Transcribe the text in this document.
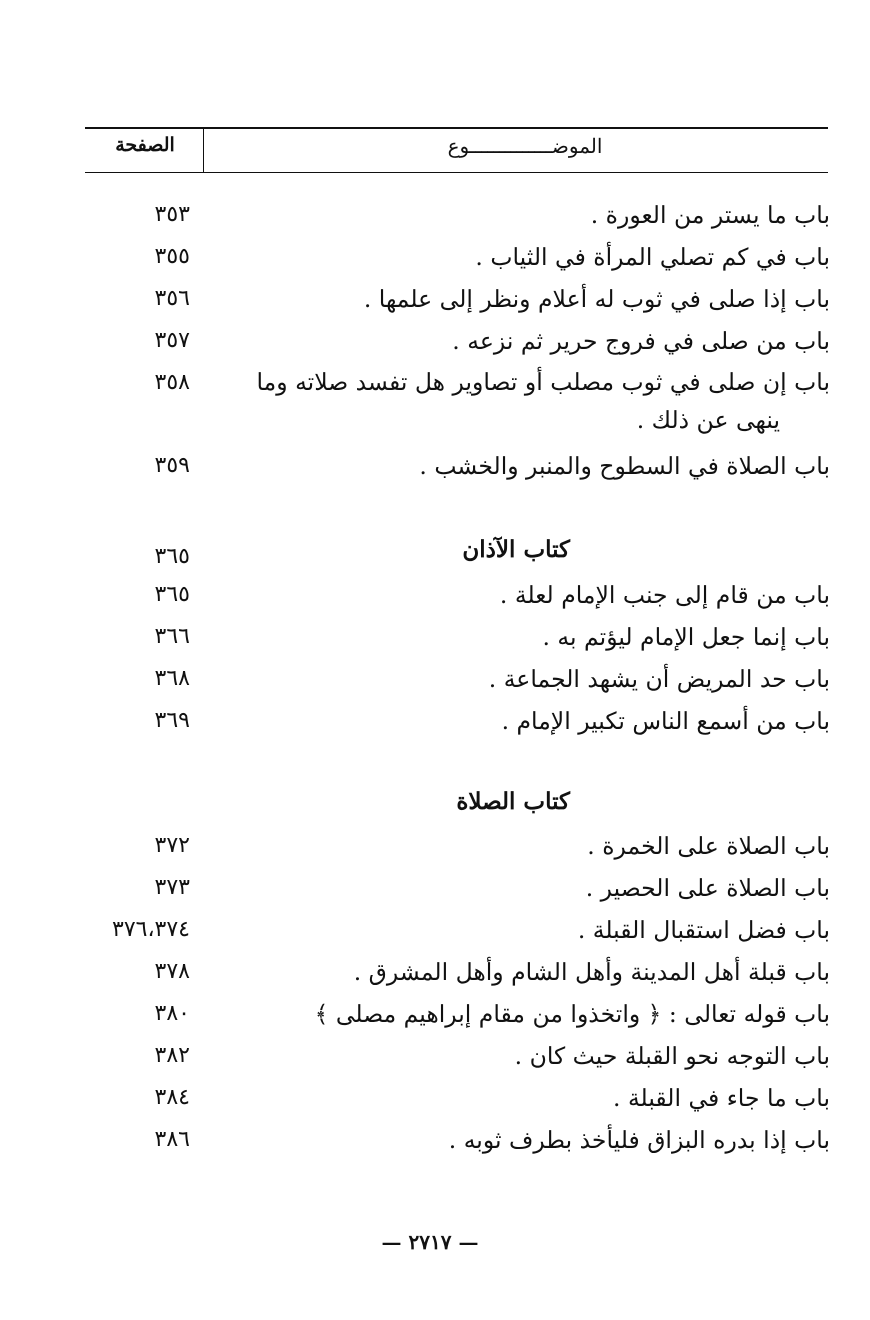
الصفحة	الموضــــــــــــــوع
باب ما يستر من العورة .
٣٥٣
باب في كم تصلي المرأة في الثياب .
٣٥٥
باب إذا صلى في ثوب له أعلام ونظر إلى علمها .
٣٥٦
باب من صلى في فروج حرير ثم نزعه .
٣٥٧
باب إن صلى في ثوب مصلب أو تصاوير هل تفسد صلاته وما
ينهى عن ذلك .
٣٥٨
باب الصلاة في السطوح والمنبر والخشب .
٣٥٩
كتاب الآذان
٣٦٥
باب من قام إلى جنب الإمام لعلة .
٣٦٥
باب إنما جعل الإمام ليؤتم به .
٣٦٦
باب حد المريض أن يشهد الجماعة .
٣٦٨
باب من أسمع الناس تكبير الإمام .
٣٦٩
كتاب الصلاة
باب الصلاة على الخمرة .
٣٧٢
باب الصلاة على الحصير .
٣٧٣
باب فضل استقبال القبلة .
٣٧٦،٣٧٤
باب قبلة أهل المدينة وأهل الشام وأهل المشرق .
٣٧٨
باب قوله تعالى : ﴿ واتخذوا من مقام إبراهيم مصلى ﴾
٣٨٠
باب التوجه نحو القبلة حيث كان .
٣٨٢
باب ما جاء في القبلة .
٣٨٤
باب إذا بدره البزاق فليأخذ بطرف ثوبه .
٣٨٦
— ٢٧١٧ —
